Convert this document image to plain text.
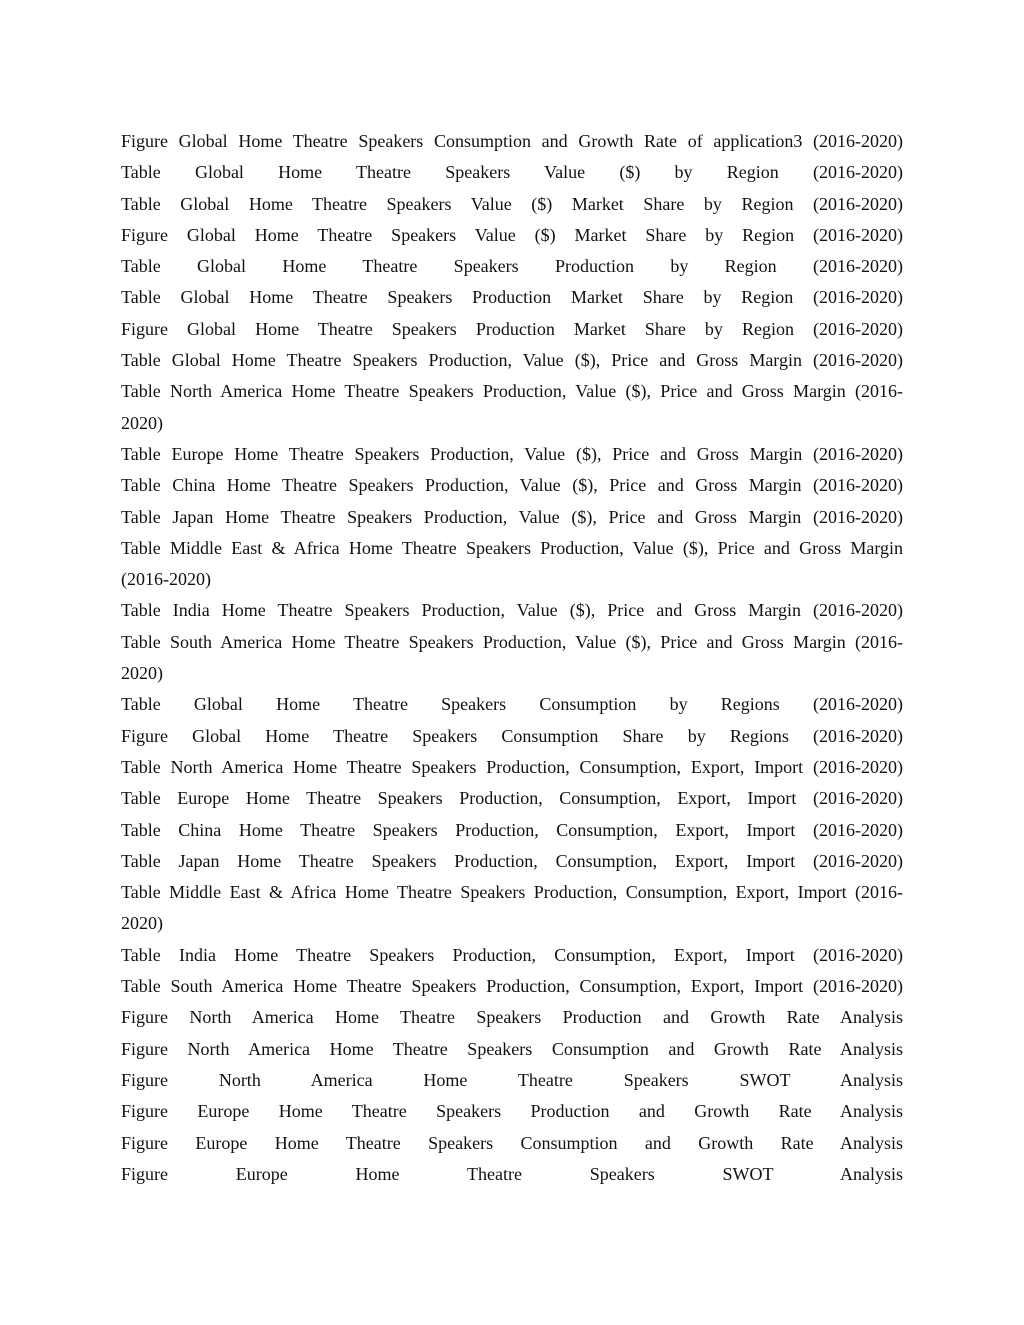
Figure Global Home Theatre Speakers Consumption and Growth Rate of application3 (2016-2020)

Table Global Home Theatre Speakers Value ($) by Region (2016-2020)

Table Global Home Theatre Speakers Value ($) Market Share by Region (2016-2020)

Figure Global Home Theatre Speakers Value ($) Market Share by Region (2016-2020)

Table Global Home Theatre Speakers Production by Region (2016-2020)

Table Global Home Theatre Speakers Production Market Share by Region (2016-2020)

Figure Global Home Theatre Speakers Production Market Share by Region (2016-2020)

Table Global Home Theatre Speakers Production, Value ($), Price and Gross Margin (2016-2020)

Table North America Home Theatre Speakers Production, Value ($), Price and Gross Margin (2016-

2020)

Table Europe Home Theatre Speakers Production, Value ($), Price and Gross Margin (2016-2020)

Table China Home Theatre Speakers Production, Value ($), Price and Gross Margin (2016-2020)

Table Japan Home Theatre Speakers Production, Value ($), Price and Gross Margin (2016-2020)

Table Middle East & Africa Home Theatre Speakers Production, Value ($), Price and Gross Margin

(2016-2020)

Table India Home Theatre Speakers Production, Value ($), Price and Gross Margin (2016-2020)

Table South America Home Theatre Speakers Production, Value ($), Price and Gross Margin (2016-

2020)

Table Global Home Theatre Speakers Consumption by Regions (2016-2020)

Figure Global Home Theatre Speakers Consumption Share by Regions (2016-2020)

Table North America Home Theatre Speakers Production, Consumption, Export, Import (2016-2020)

Table Europe Home Theatre Speakers Production, Consumption, Export, Import (2016-2020)

Table China Home Theatre Speakers Production, Consumption, Export, Import (2016-2020)

Table Japan Home Theatre Speakers Production, Consumption, Export, Import (2016-2020)

Table Middle East & Africa Home Theatre Speakers Production, Consumption, Export, Import (2016-

2020)

Table India Home Theatre Speakers Production, Consumption, Export, Import (2016-2020)

Table South America Home Theatre Speakers Production, Consumption, Export, Import (2016-2020)

Figure North America Home Theatre Speakers Production and Growth Rate Analysis

Figure North America Home Theatre Speakers Consumption and Growth Rate Analysis

Figure North America Home Theatre Speakers SWOT Analysis

Figure Europe Home Theatre Speakers Production and Growth Rate Analysis

Figure Europe Home Theatre Speakers Consumption and Growth Rate Analysis

Figure Europe Home Theatre Speakers SWOT Analysis
